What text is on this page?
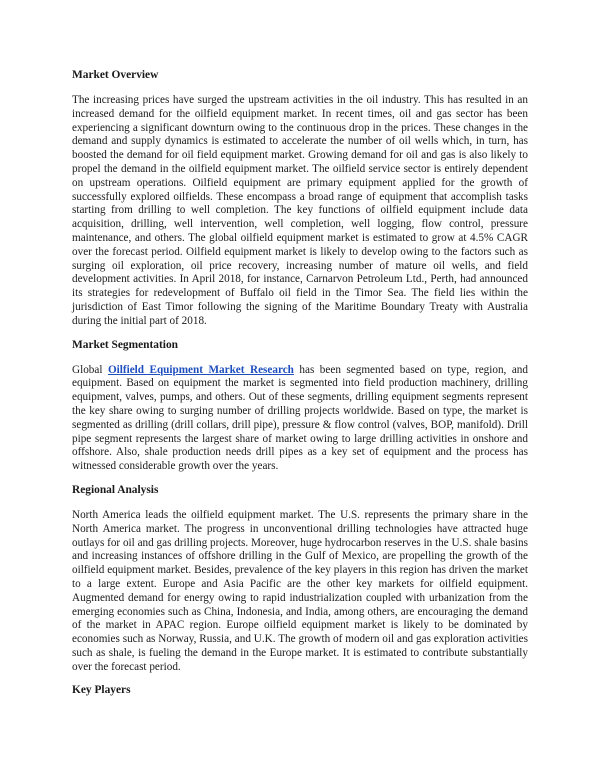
Market Overview

The increasing prices have surged the upstream activities in the oil industry. This has resulted in an increased demand for the oilfield equipment market. In recent times, oil and gas sector has been experiencing a significant downturn owing to the continuous drop in the prices. These changes in the demand and supply dynamics is estimated to accelerate the number of oil wells which, in turn, has boosted the demand for oil field equipment market. Growing demand for oil and gas is also likely to propel the demand in the oilfield equipment market. The oilfield service sector is entirely dependent on upstream operations. Oilfield equipment are primary equipment applied for the growth of successfully explored oilfields. These encompass a broad range of equipment that accomplish tasks starting from drilling to well completion. The key functions of oilfield equipment include data acquisition, drilling, well intervention, well completion, well logging, flow control, pressure maintenance, and others. The global oilfield equipment market is estimated to grow at 4.5% CAGR over the forecast period. Oilfield equipment market is likely to develop owing to the factors such as surging oil exploration, oil price recovery, increasing number of mature oil wells, and field development activities. In April 2018, for instance, Carnarvon Petroleum Ltd., Perth, had announced its strategies for redevelopment of Buffalo oil field in the Timor Sea. The field lies within the jurisdiction of East Timor following the signing of the Maritime Boundary Treaty with Australia during the initial part of 2018.

Market Segmentation

Global Oilfield Equipment Market Research has been segmented based on type, region, and equipment. Based on equipment the market is segmented into field production machinery, drilling equipment, valves, pumps, and others. Out of these segments, drilling equipment segments represent the key share owing to surging number of drilling projects worldwide. Based on type, the market is segmented as drilling (drill collars, drill pipe), pressure & flow control (valves, BOP, manifold). Drill pipe segment represents the largest share of market owing to large drilling activities in onshore and offshore. Also, shale production needs drill pipes as a key set of equipment and the process has witnessed considerable growth over the years.

Regional Analysis

North America leads the oilfield equipment market. The U.S. represents the primary share in the North America market. The progress in unconventional drilling technologies have attracted huge outlays for oil and gas drilling projects. Moreover, huge hydrocarbon reserves in the U.S. shale basins and increasing instances of offshore drilling in the Gulf of Mexico, are propelling the growth of the oilfield equipment market. Besides, prevalence of the key players in this region has driven the market to a large extent. Europe and Asia Pacific are the other key markets for oilfield equipment. Augmented demand for energy owing to rapid industrialization coupled with urbanization from the emerging economies such as China, Indonesia, and India, among others, are encouraging the demand of the market in APAC region. Europe oilfield equipment market is likely to be dominated by economies such as Norway, Russia, and U.K. The growth of modern oil and gas exploration activities such as shale, is fueling the demand in the Europe market. It is estimated to contribute substantially over the forecast period.

Key Players
